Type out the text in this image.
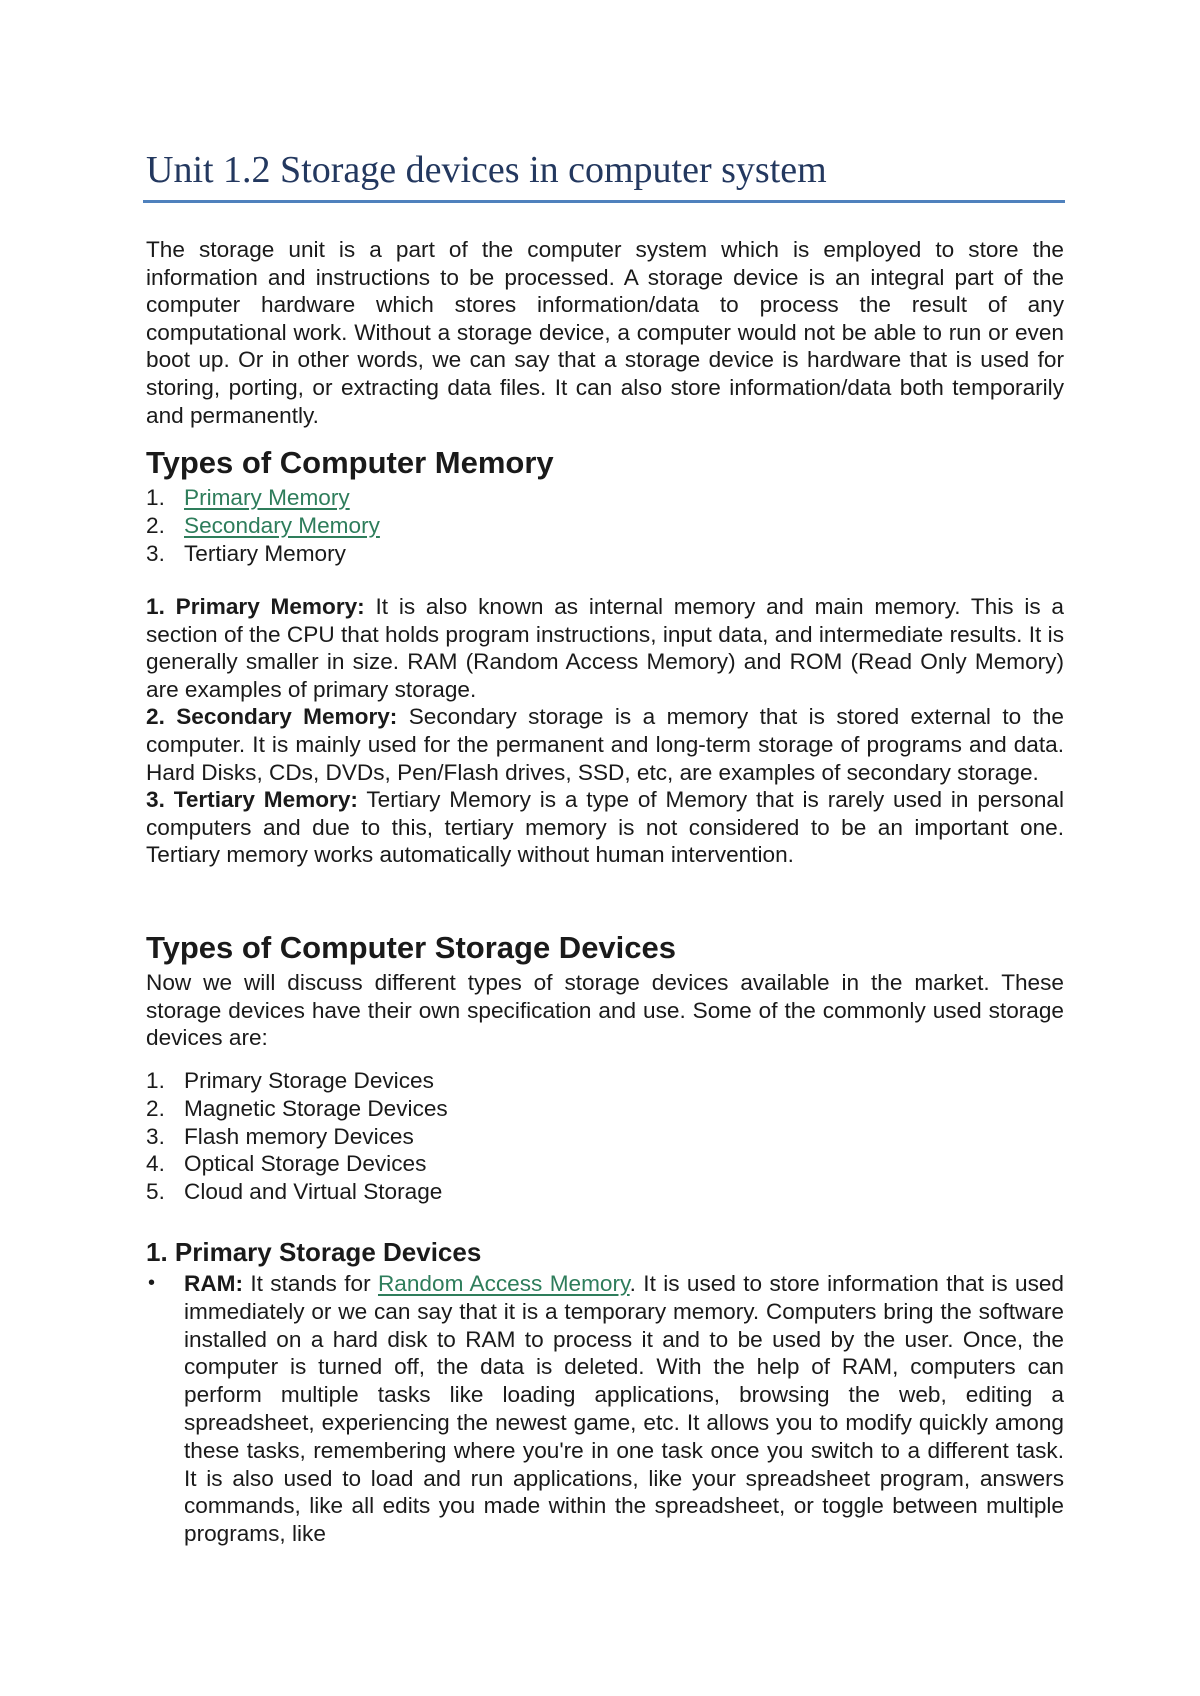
Unit 1.2 Storage devices in computer system

The storage unit is a part of the computer system which is employed to store the information and instructions to be processed. A storage device is an integral part of the computer hardware which stores information/data to process the result of any computational work. Without a storage device, a computer would not be able to run or even boot up. Or in other words, we can say that a storage device is hardware that is used for storing, porting, or extracting data files. It can also store information/data both temporarily and permanently.

Types of Computer Memory
1. Primary Memory
2. Secondary Memory
3. Tertiary Memory

1. Primary Memory: It is also known as internal memory and main memory. This is a section of the CPU that holds program instructions, input data, and intermediate results. It is generally smaller in size. RAM (Random Access Memory) and ROM (Read Only Memory) are examples of primary storage.

2. Secondary Memory: Secondary storage is a memory that is stored external to the computer. It is mainly used for the permanent and long-term storage of programs and data. Hard Disks, CDs, DVDs, Pen/Flash drives, SSD, etc, are examples of secondary storage.

3. Tertiary Memory: Tertiary Memory is a type of Memory that is rarely used in personal computers and due to this, tertiary memory is not considered to be an important one. Tertiary memory works automatically without human intervention.

Types of Computer Storage Devices

Now we will discuss different types of storage devices available in the market. These storage devices have their own specification and use. Some of the commonly used storage devices are:

1. Primary Storage Devices
2. Magnetic Storage Devices
3. Flash memory Devices
4. Optical Storage Devices
5. Cloud and Virtual Storage
1. Primary Storage Devices
• RAM: It stands for Random Access Memory. It is used to store information that is used immediately or we can say that it is a temporary memory. Computers bring the software installed on a hard disk to RAM to process it and to be used by the user. Once, the computer is turned off, the data is deleted. With the help of RAM, computers can perform multiple tasks like loading applications, browsing the web, editing a spreadsheet, experiencing the newest game, etc. It allows you to modify quickly among these tasks, remembering where you're in one task once you switch to a different task. It is also used to load and run applications, like your spreadsheet program, answers commands, like all edits you made within the spreadsheet, or toggle between multiple programs, like
